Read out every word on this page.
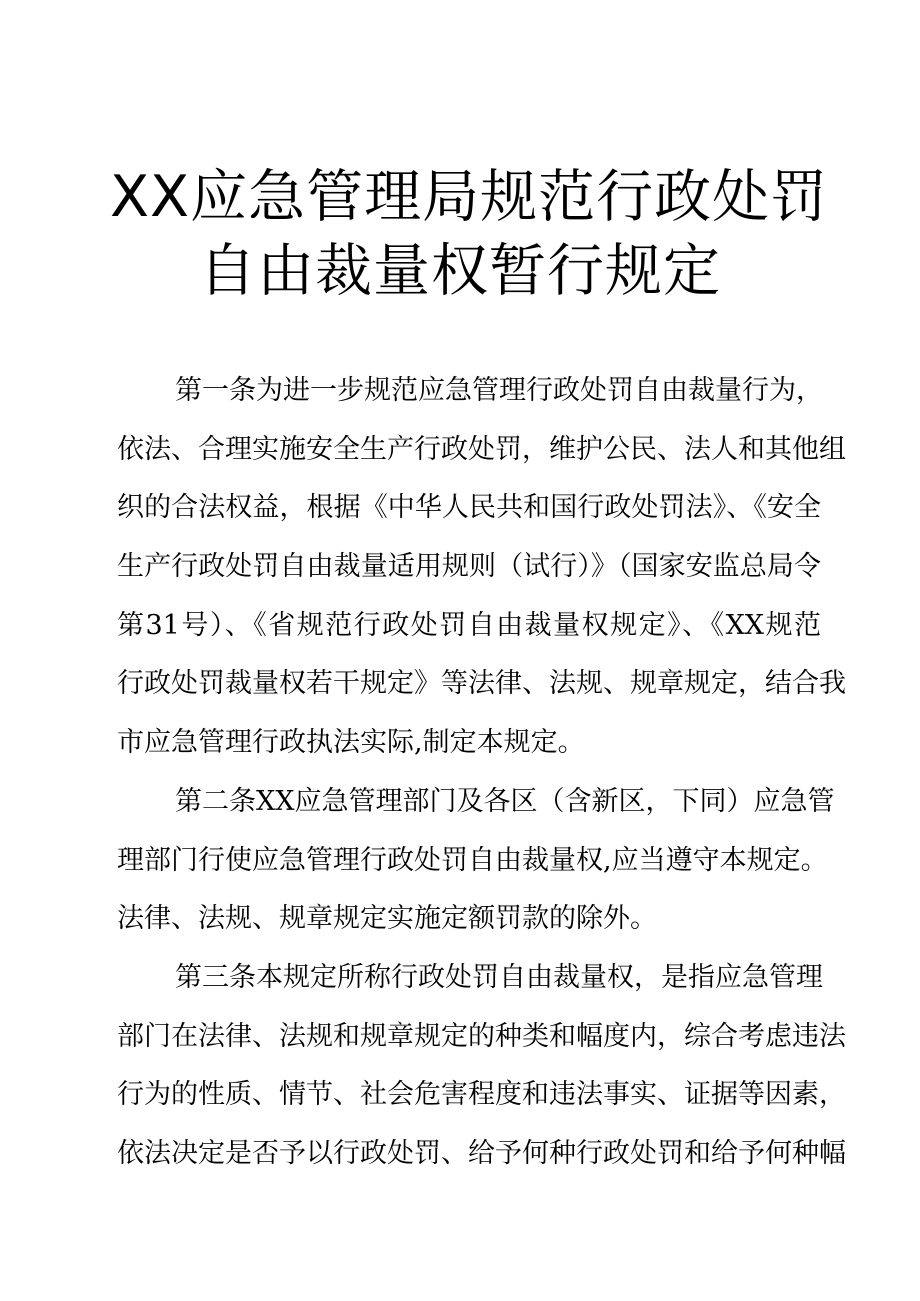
XX应急管理局规范行政处罚
自由裁量权暂行规定
第一条为进一步规范应急管理行政处罚自由裁量行为，
依法、合理实施安全生产行政处罚，维护公民、法人和其他组
织的合法权益，根据《中华人民共和国行政处罚法》、《安全
生产行政处罚自由裁量适用规则（试行）》（国家安监总局令
第31号）、《省规范行政处罚自由裁量权规定》、《XX规范
行政处罚裁量权若干规定》等法律、法规、规章规定，结合我
市应急管理行政执法实际,制定本规定。
第二条XX应急管理部门及各区（含新区，下同）应急管
理部门行使应急管理行政处罚自由裁量权,应当遵守本规定。
法律、法规、规章规定实施定额罚款的除外。
第三条本规定所称行政处罚自由裁量权，是指应急管理
部门在法律、法规和规章规定的种类和幅度内，综合考虑违法
行为的性质、情节、社会危害程度和违法事实、证据等因素，
依法决定是否予以行政处罚、给予何种行政处罚和给予何种幅
